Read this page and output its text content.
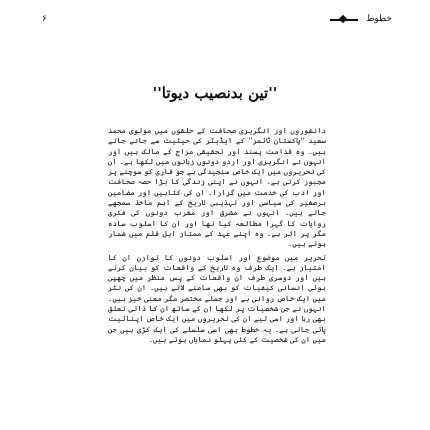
۶	خطوط
''تین بدنصیب دیوتا''

دانشوروں اور انگریزی صحافت کے حلقوں میں مولوی محمد سعید ''پاکستان ٹائمز'' کے ایڈیٹر کی حیثیت سے جانے جاتے ہیں۔ وہ قدامت پسند اور تحقیقی مزاج کے مالک ہیں اور انہوں نے انگریزی اور اردو دونوں زبانوں میں لکھا ہے۔ ان کی تحریروں میں ایک خاص سنجیدگی ہے جو قاری کو سوچنے پر مجبور کرتی ہے۔ انہوں نے اپنی زندگی کا بڑا حصہ صحافت اور ادب کی خدمت میں گزارا۔ ان کی کتابیں اور مضامین برصغیر کی سیاسی اور تہذیبی تاریخ کے اہم ماخذ سمجھے جاتے ہیں۔ انہوں نے مشرق اور مغرب دونوں کی فکری روایات کا گہرا مطالعہ کیا تھا اور ان کا اسلوب سادہ مگر پر اثر ہے۔ وہ اپنے عہد کے ممتاز اہل قلم میں شمار ہوتے ہیں۔

تحریر میں موضوع اور اسلوب دونوں کا توازن ان کا امتیاز ہے۔ ایک طرف وہ تاریخ کے واقعات کو بیان کرتے ہیں اور دوسری طرف ان واقعات کے پس منظر میں چھپی ہوئی انسانی کیفیات کو بھی سامنے لاتے ہیں۔ ان کی نثر میں ایک خاص روانی ہے اور جملے مختصر مگر معنی خیز ہیں۔ انہوں نے جن شخصیات پر لکھا ان کے ساتھ ان کا ذاتی تعلق بھی رہا اور اسی لیے ان کی تحریروں میں ایک خاص اپنائیت پائی جاتی ہے۔ یہ خطوط بھی اسی سلسلے کی ایک کڑی ہیں جن میں ان کی شخصیت کے کئی پہلو نمایاں ہوتے ہیں۔
